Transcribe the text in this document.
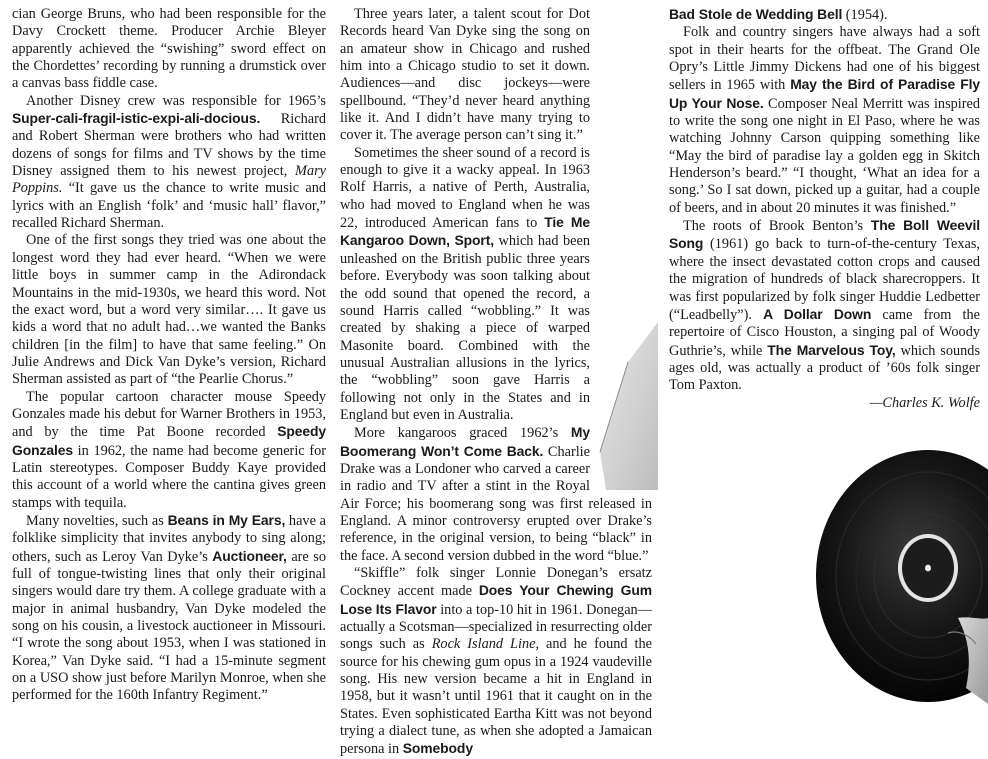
cian George Bruns, who had been responsible for the Davy Crockett theme. Producer Archie Bleyer apparently achieved the “swishing” sword effect on the Chordettes’ recording by running a drumstick over a canvas bass fiddle case.

Another Disney crew was responsible for 1965’s Super-cali-fragil-istic-expi-ali-docious. Richard and Robert Sherman were brothers who had written dozens of songs for films and TV shows by the time Disney assigned them to his newest project, Mary Poppins. “It gave us the chance to write music and lyrics with an English ‘folk’ and ‘music hall’ flavor,” recalled Richard Sherman.

One of the first songs they tried was one about the longest word they had ever heard. “When we were little boys in summer camp in the Adirondack Mountains in the mid-1930s, we heard this word. Not the exact word, but a word very similar…. It gave us kids a word that no adult had…we wanted the Banks children [in the film] to have that same feeling.” On Julie Andrews and Dick Van Dyke’s version, Richard Sherman assisted as part of “the Pearlie Chorus.”

The popular cartoon character mouse Speedy Gonzales made his debut for Warner Brothers in 1953, and by the time Pat Boone recorded Speedy Gonzales in 1962, the name had become generic for Latin stereotypes. Composer Buddy Kaye provided this account of a world where the cantina gives green stamps with tequila.

Many novelties, such as Beans in My Ears, have a folklike simplicity that invites anybody to sing along; others, such as Leroy Van Dyke’s Auctioneer, are so full of tongue-twisting lines that only their original singers would dare try them. A college graduate with a major in animal husbandry, Van Dyke modeled the song on his cousin, a livestock auctioneer in Missouri. “I wrote the song about 1953, when I was stationed in Korea,” Van Dyke said. “I had a 15-minute segment on a USO show just before Marilyn Monroe, when she performed for the 160th Infantry Regiment.”

Three years later, a talent scout for Dot Records heard Van Dyke sing the song on an amateur show in Chicago and rushed him into a Chicago studio to set it down. Audiences—and disc jockeys—were spellbound. “They’d never heard anything like it. And I didn’t have many trying to cover it. The average person can’t sing it.”

Sometimes the sheer sound of a record is enough to give it a wacky appeal. In 1963 Rolf Harris, a native of Perth, Australia, who had moved to England when he was 22, introduced American fans to Tie Me Kangaroo Down, Sport, which had been unleashed on the British public three years before. Everybody was soon talking about the odd sound that opened the record, a sound Harris called “wobbling.” It was created by shaking a piece of warped Masonite board. Combined with the unusual Australian allusions in the lyrics, the “wobbling” soon gave Harris a following not only in the States and in England but even in Australia.

More kangaroos graced 1962’s My Boomerang Won’t Come Back. Charlie Drake was a Londoner who carved a career in radio and TV after a stint in the Royal Air Force; his boomerang song was first released in England. A minor controversy erupted over Drake’s reference, in the original version, to being “black” in the face. A second version dubbed in the word “blue.”

“Skiffle” folk singer Lonnie Donegan’s ersatz Cockney accent made Does Your Chewing Gum Lose Its Flavor into a top-10 hit in 1961. Donegan—actually a Scotsman—specialized in resurrecting older songs such as Rock Island Line, and he found the source for his chewing gum opus in a 1924 vaudeville song. His new version became a hit in England in 1958, but it wasn’t until 1961 that it caught on in the States. Even sophisticated Eartha Kitt was not beyond trying a dialect tune, as when she adopted a Jamaican persona in Somebody

Bad Stole de Wedding Bell (1954).

Folk and country singers have always had a soft spot in their hearts for the offbeat. The Grand Ole Opry’s Little Jimmy Dickens had one of his biggest sellers in 1965 with May the Bird of Paradise Fly Up Your Nose. Composer Neal Merritt was inspired to write the song one night in El Paso, where he was watching Johnny Carson quipping something like “May the bird of paradise lay a golden egg in Skitch Henderson’s beard.” “I thought, ‘What an idea for a song.’ So I sat down, picked up a guitar, had a couple of beers, and in about 20 minutes it was finished.”

The roots of Brook Benton’s The Boll Weevil Song (1961) go back to turn-of-the-century Texas, where the insect devastated cotton crops and caused the migration of hundreds of black sharecroppers. It was first popularized by folk singer Huddie Ledbetter (“Leadbelly”). A Dollar Down came from the repertoire of Cisco Houston, a singing pal of Woody Guthrie’s, while The Marvelous Toy, which sounds ages old, was actually a product of ’60s folk singer Tom Paxton.

—Charles K. Wolfe
